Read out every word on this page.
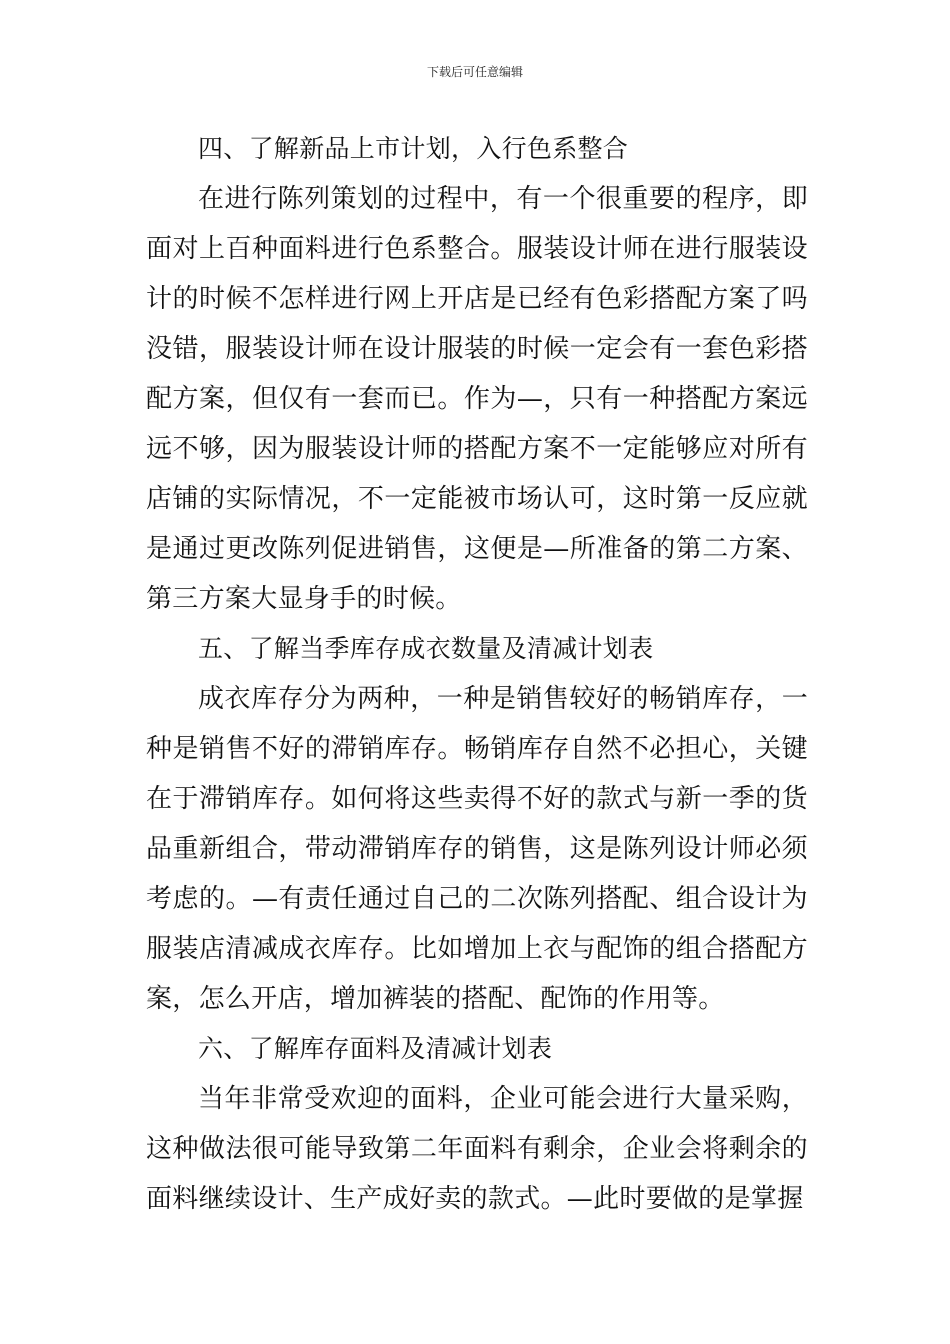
下载后可任意编辑

四、了解新品上市计划，入行色系整合

在进行陈列策划的过程中，有一个很重要的程序，即面对上百种面料进行色系整合。服装设计师在进行服装设计的时候不怎样进行网上开店是已经有色彩搭配方案了吗没错，服装设计师在设计服装的时候一定会有一套色彩搭配方案，但仅有一套而已。作为—，只有一种搭配方案远远不够，因为服装设计师的搭配方案不一定能够应对所有店铺的实际情况，不一定能被市场认可，这时第一反应就是通过更改陈列促进销售，这便是—所准备的第二方案、第三方案大显身手的时候。

五、了解当季库存成衣数量及清减计划表

成衣库存分为两种，一种是销售较好的畅销库存，一种是销售不好的滞销库存。畅销库存自然不必担心，关键在于滞销库存。如何将这些卖得不好的款式与新一季的货品重新组合，带动滞销库存的销售，这是陈列设计师必须考虑的。—有责任通过自己的二次陈列搭配、组合设计为服装店清减成衣库存。比如增加上衣与配饰的组合搭配方案，怎么开店，增加裤装的搭配、配饰的作用等。

六、了解库存面料及清减计划表

当年非常受欢迎的面料，企业可能会进行大量采购，这种做法很可能导致第二年面料有剩余，企业会将剩余的面料继续设计、生产成好卖的款式。—此时要做的是掌握
